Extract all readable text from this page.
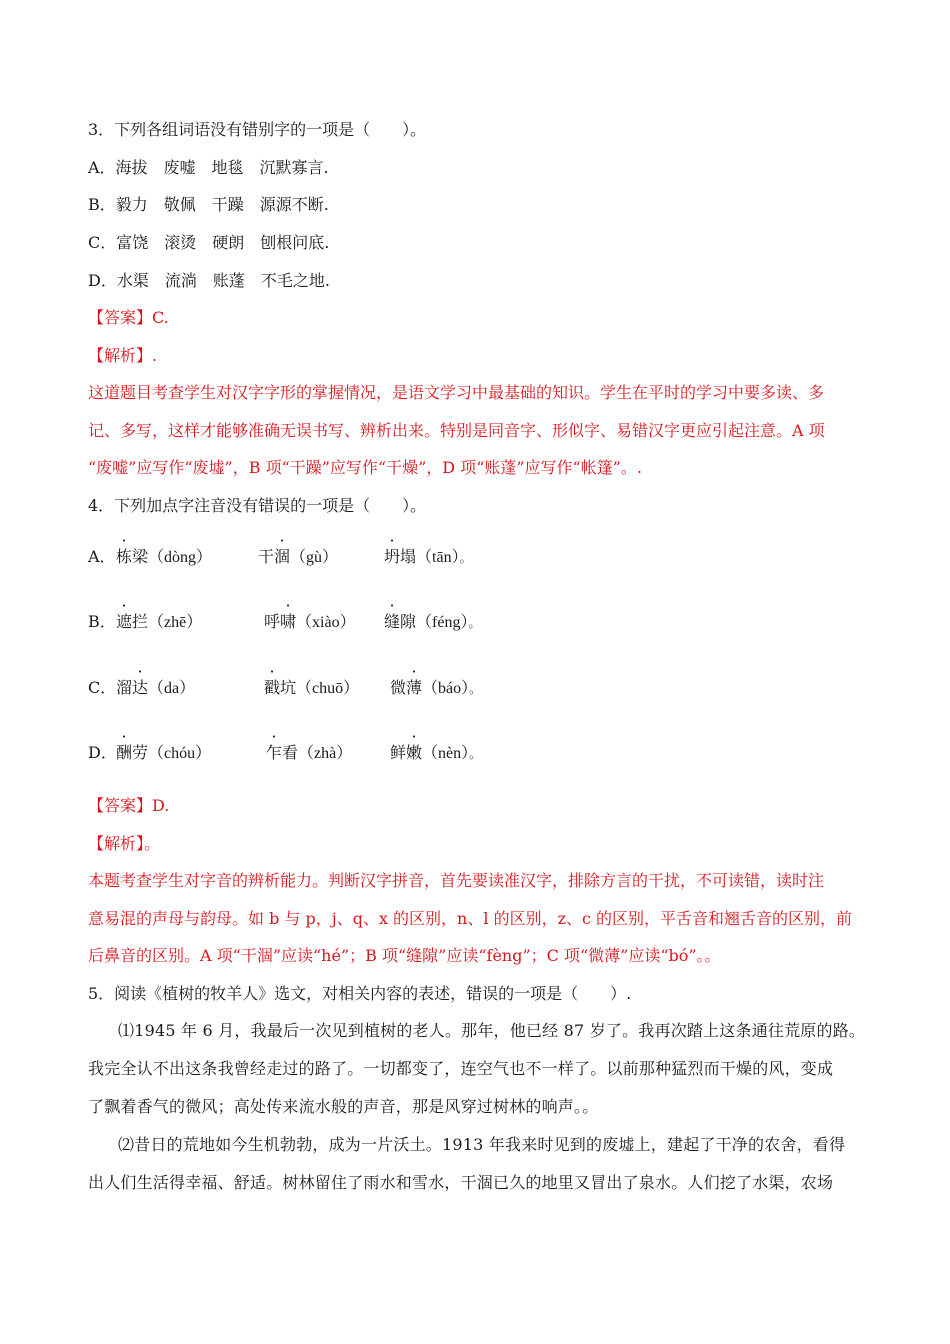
3．下列各组词语没有错别字的一项是（　　）。
A．海拔　废嘘　地毯　沉默寡言.
B．毅力　敬佩　干躁　源源不断.
C．富饶　滚烫　硬朗　刨根问底.
D．水渠　流淌　账蓬　不毛之地.
【答案】C.
【解析】.
这道题目考查学生对汉字字形的掌握情况，是语文学习中最基础的知识。学生在平时的学习中要多读、多
记、多写，这样才能够准确无误书写、辨析出来。特别是同音字、形似字、易错汉字更应引起注意。A 项
“废嘘”应写作“废墟”，B 项“干躁”应写作“干燥”，D 项“账蓬”应写作“帐篷”。.
4．下列加点字注音没有错误的一项是（　　）。
A． 栋梁（dòng）	干涸（gù）	坍塌（tān）。
B． 遮拦（zhē）	呼啸（xiào） 缝隙（féng）。
C． 溜达（da）	戳坑（chuō） 微薄（báo）。
D． 酬劳（chóu）	乍看（zhà） 鲜嫩（nèn）。
【答案】D.
【解析】。
本题考查学生对字音的辨析能力。判断汉字拼音，首先要读准汉字，排除方言的干扰，不可读错，读时注
意易混的声母与韵母。如 b 与 p，j、q、x 的区别，n、l 的区别，z、c 的区别，平舌音和翘舌音的区别，前
后鼻音的区别。A 项“干涸”应读“hé”；B 项“缝隙”应读“fèng”；C 项“微薄”应读“bó”。。
5．阅读《植树的牧羊人》选文，对相关内容的表述，错误的一项是（　　）.
⑴1945 年 6 月，我最后一次见到植树的老人。那年，他已经 87 岁了。我再次踏上这条通往荒原的路。
我完全认不出这条我曾经走过的路了。一切都变了，连空气也不一样了。以前那种猛烈而干燥的风，变成
了飘着香气的微风；高处传来流水般的声音，那是风穿过树林的响声。。
⑵昔日的荒地如今生机勃勃，成为一片沃土。1913 年我来时见到的废墟上，建起了干净的农舍，看得
出人们生活得幸福、舒适。树林留住了雨水和雪水，干涸已久的地里又冒出了泉水。人们挖了水渠，农场
